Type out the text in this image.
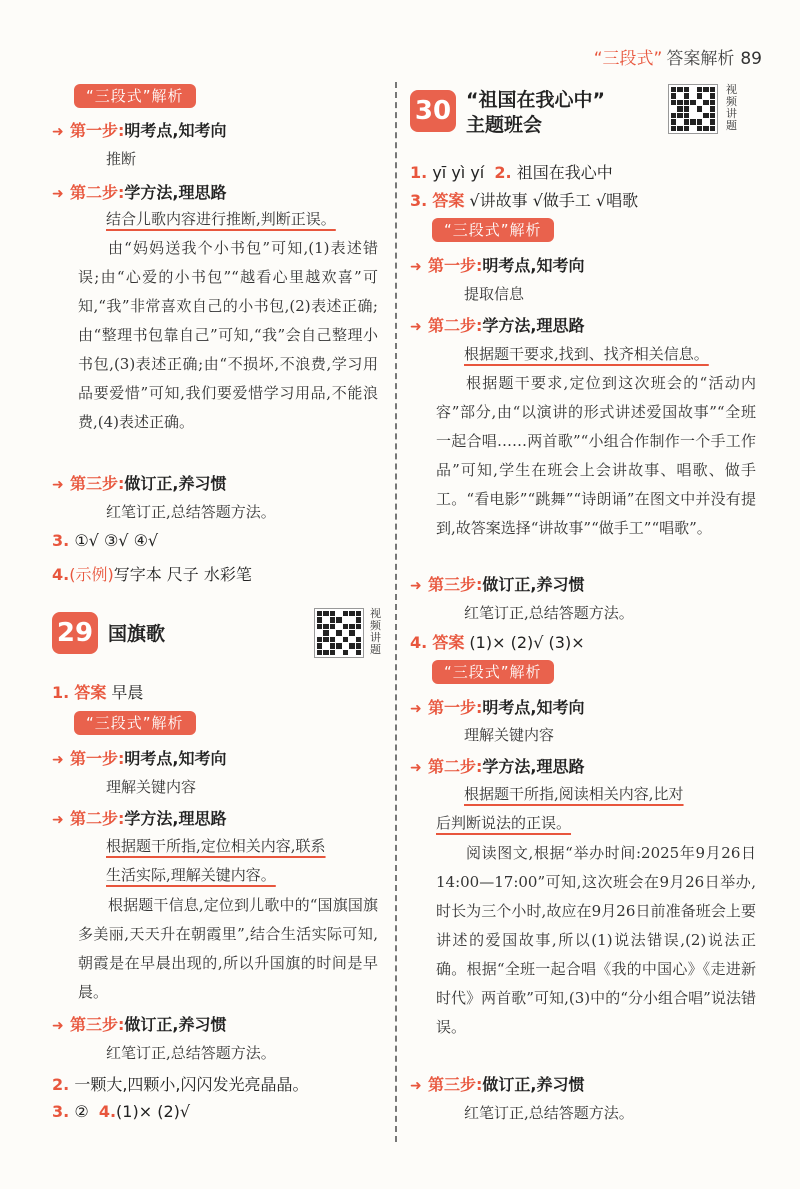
“三段式” 答案解析 89
“三段式”解析
➜ 第一步:明考点,知考向
推断
➜ 第二步:学方法,理思路
结合儿歌内容进行推断,判断正误。
由“妈妈送我个小书包”可知,(1)表述错误;由“心爱的小书包”“越看心里越欢喜”可知,“我”非常喜欢自己的小书包,(2)表述正确;由“整理书包靠自己”可知,“我”会自己整理小书包,(3)表述正确;由“不损坏,不浪费,学习用品要爱惜”可知,我们要爱惜学习用品,不能浪费,(4)表述正确。
➜ 第三步:做订正,养习惯
红笔订正,总结答题方法。
3. ①√ ③√ ④√
4.(示例)写字本 尺子 水彩笔
29 国旗歌
视频讲题
1. 答案 早晨
“三段式”解析
➜ 第一步:明考点,知考向
理解关键内容
➜ 第二步:学方法,理思路
根据题干所指,定位相关内容,联系
生活实际,理解关键内容。
根据题干信息,定位到儿歌中的“国旗国旗多美丽,天天升在朝霞里”,结合生活实际可知,朝霞是在早晨出现的,所以升国旗的时间是早晨。
➜ 第三步:做订正,养习惯
红笔订正,总结答题方法。
2. 一颗大,四颗小,闪闪发光亮晶晶。
3. ② 4.(1)× (2)√
30 “祖国在我心中”
主题班会
视频讲题
1. yī yì yí 2. 祖国在我心中
3. 答案 √讲故事 √做手工 √唱歌
“三段式”解析
➜ 第一步:明考点,知考向
提取信息
➜ 第二步:学方法,理思路
根据题干要求,找到、找齐相关信息。
根据题干要求,定位到这次班会的“活动内容”部分,由“以演讲的形式讲述爱国故事”“全班一起合唱……两首歌”“小组合作制作一个手工作品”可知,学生在班会上会讲故事、唱歌、做手工。“看电影”“跳舞”“诗朗诵”在图文中并没有提到,故答案选择“讲故事”“做手工”“唱歌”。
➜ 第三步:做订正,养习惯
红笔订正,总结答题方法。
4. 答案 (1)× (2)√ (3)×
“三段式”解析
➜ 第一步:明考点,知考向
理解关键内容
➜ 第二步:学方法,理思路
根据题干所指,阅读相关内容,比对
后判断说法的正误。
阅读图文,根据“举办时间:2025年9月26日 14:00—17:00”可知,这次班会在9月26日举办,时长为三个小时,故应在9月26日前准备班会上要讲述的爱国故事,所以(1)说法错误,(2)说法正确。根据“全班一起合唱《我的中国心》《走进新时代》两首歌”可知,(3)中的“分小组合唱”说法错误。
➜ 第三步:做订正,养习惯
红笔订正,总结答题方法。
